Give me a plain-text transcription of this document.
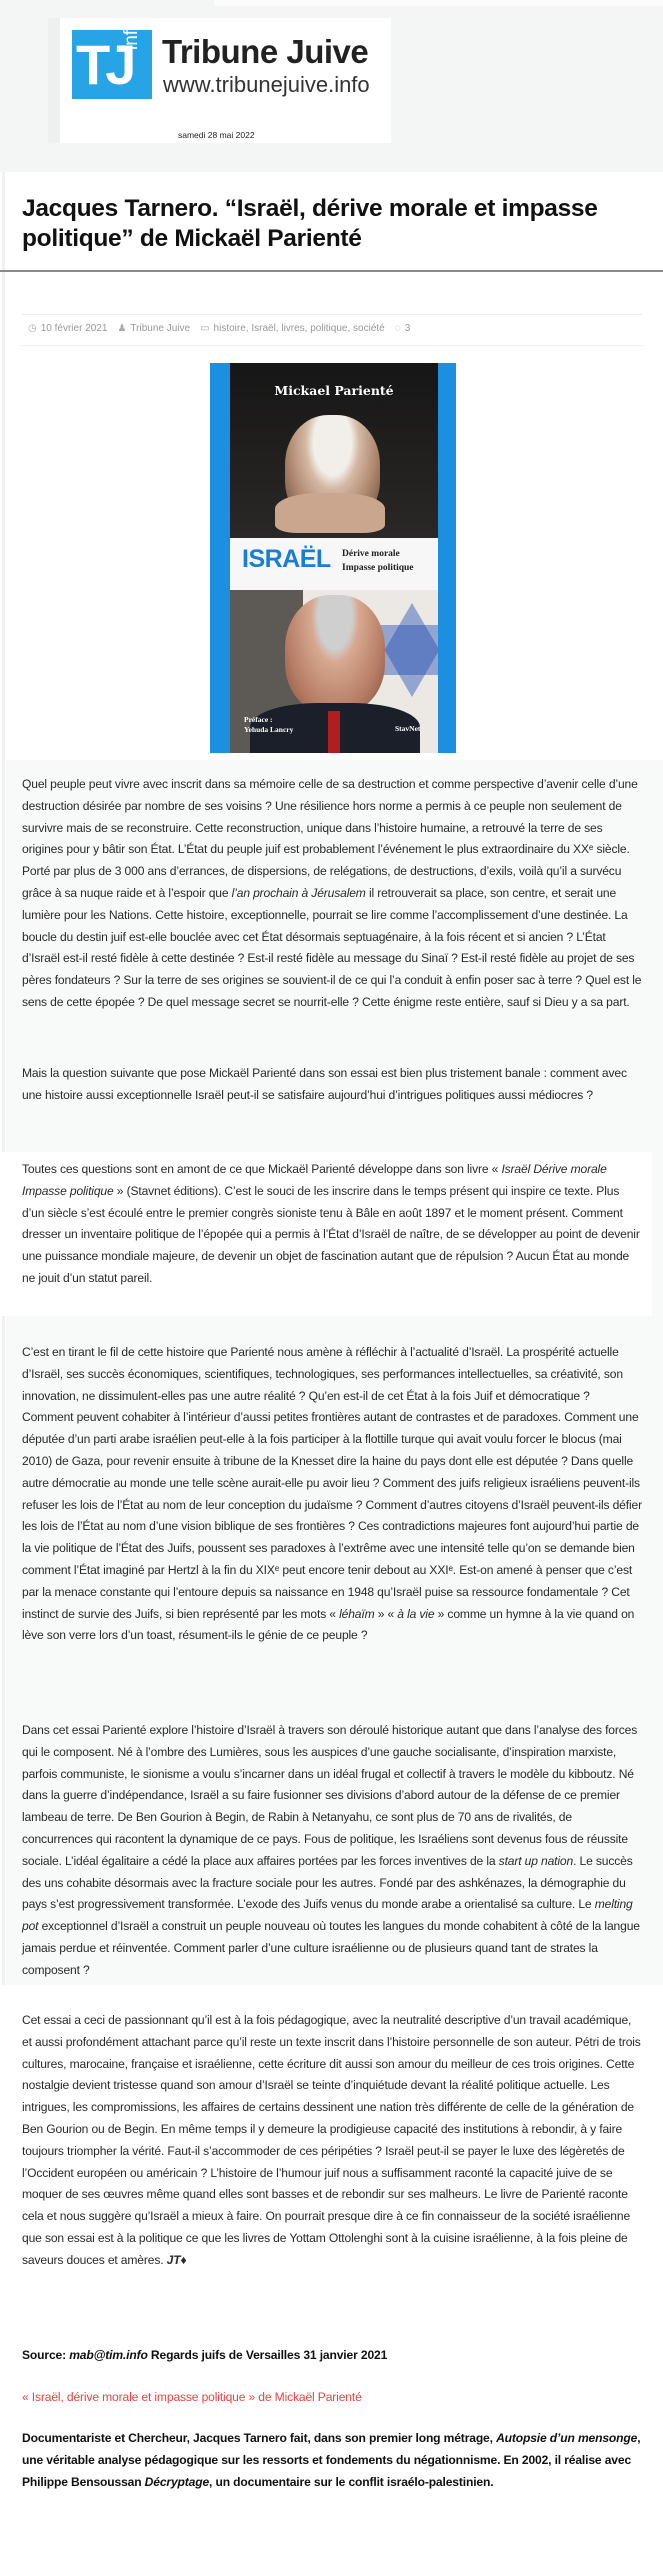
TJ
info Tribune Juive
www.tribunejuive.info
samedi 28 mai 2022
Jacques Tarnero. “Israël, dérive morale et impasse politique” de Mickaël Parienté
◷ 10 février 2021 ♟ Tribune Juive ▭ histoire, Israël, livres, politique, société ◌ 3
Mickael Parienté
ISRAËL Dérive morale
Impasse politique
Préface :
Yehuda Lancry	StavNet

Quel peuple peut vivre avec inscrit dans sa mémoire celle de sa destruction et comme perspective d’avenir celle d’une destruction désirée par nombre de ses voisins ? Une résilience hors norme a permis à ce peuple non seulement de survivre mais de se reconstruire. Cette reconstruction, unique dans l’histoire humaine, a retrouvé la terre de ses origines pour y bâtir son État. L’État du peuple juif est probablement l’événement le plus extraordinaire du XXᵉ siècle. Porté par plus de 3 000 ans d’errances, de dispersions, de relégations, de destructions, d’exils, voilà qu’il a survécu grâce à sa nuque raide et à l’espoir que l’an prochain à Jérusalem il retrouverait sa place, son centre, et serait une lumière pour les Nations. Cette histoire, exceptionnelle, pourrait se lire comme l’accomplissement d’une destinée. La boucle du destin juif est-elle bouclée avec cet État désormais septuagénaire, à la fois récent et si ancien ? L’État d’Israël est-il resté fidèle à cette destinée ? Est-il resté fidèle au message du Sinaï ? Est-il resté fidèle au projet de ses pères fondateurs ? Sur la terre de ses origines se souvient-il de ce qui l’a conduit à enfin poser sac à terre ? Quel est le sens de cette épopée ? De quel message secret se nourrit-elle ? Cette énigme reste entière, sauf si Dieu y a sa part.

Mais la question suivante que pose Mickaël Parienté dans son essai est bien plus tristement banale : comment avec une histoire aussi exceptionnelle Israël peut-il se satisfaire aujourd’hui d’intrigues politiques aussi médiocres ?

Toutes ces questions sont en amont de ce que Mickaël Parienté développe dans son livre « Israël Dérive morale Impasse politique » (Stavnet éditions). C’est le souci de les inscrire dans le temps présent qui inspire ce texte. Plus d’un siècle s’est écoulé entre le premier congrès sioniste tenu à Bâle en août 1897 et le moment présent. Comment dresser un inventaire politique de l’épopée qui a permis à l’État d’Israël de naître, de se développer au point de devenir une puissance mondiale majeure, de devenir un objet de fascination autant que de répulsion ? Aucun État au monde ne jouit d’un statut pareil.

C’est en tirant le fil de cette histoire que Parienté nous amène à réfléchir à l’actualité d’Israël. La prospérité actuelle d’Israël, ses succès économiques, scientifiques, technologiques, ses performances intellectuelles, sa créativité, son innovation, ne dissimulent-elles pas une autre réalité ? Qu’en est-il de cet État à la fois Juif et démocratique ? Comment peuvent cohabiter à l’intérieur d’aussi petites frontières autant de contrastes et de paradoxes. Comment une députée d’un parti arabe israélien peut-elle à la fois participer à la flottille turque qui avait voulu forcer le blocus (mai 2010) de Gaza, pour revenir ensuite à tribune de la Knesset dire la haine du pays dont elle est députée ? Dans quelle autre démocratie au monde une telle scène aurait-elle pu avoir lieu ? Comment des juifs religieux israéliens peuvent-ils refuser les lois de l’État au nom de leur conception du judaïsme ? Comment d’autres citoyens d’Israël peuvent-ils défier les lois de l’État au nom d’une vision biblique de ses frontières ? Ces contradictions majeures font aujourd’hui partie de la vie politique de l’État des Juifs, poussent ses paradoxes à l’extrême avec une intensité telle qu’on se demande bien comment l’État imaginé par Hertzl à la fin du XIXᵉ peut encore tenir debout au XXIᵉ. Est-on amené à penser que c’est par la menace constante qui l’entoure depuis sa naissance en 1948 qu’Israël puise sa ressource fondamentale ? Cet instinct de survie des Juifs, si bien représenté par les mots « léhaïm » « à la vie » comme un hymne à la vie quand on lève son verre lors d’un toast, résument-ils le génie de ce peuple ?

Dans cet essai Parienté explore l’histoire d’Israël à travers son déroulé historique autant que dans l’analyse des forces qui le composent. Né à l’ombre des Lumières, sous les auspices d’une gauche socialisante, d’inspiration marxiste, parfois communiste, le sionisme a voulu s’incarner dans un idéal frugal et collectif à travers le modèle du kibboutz. Né dans la guerre d’indépendance, Israël a su faire fusionner ses divisions d’abord autour de la défense de ce premier lambeau de terre. De Ben Gourion à Begin, de Rabin à Netanyahu, ce sont plus de 70 ans de rivalités, de concurrences qui racontent la dynamique de ce pays. Fous de politique, les Israéliens sont devenus fous de réussite sociale. L’idéal égalitaire a cédé la place aux affaires portées par les forces inventives de la start up nation. Le succès des uns cohabite désormais avec la fracture sociale pour les autres. Fondé par des ashkénazes, la démographie du pays s’est progressivement transformée. L’exode des Juifs venus du monde arabe a orientalisé sa culture. Le melting pot exceptionnel d’Israël a construit un peuple nouveau où toutes les langues du monde cohabitent à côté de la langue jamais perdue et réinventée. Comment parler d’une culture israélienne ou de plusieurs quand tant de strates la composent ?

Cet essai a ceci de passionnant qu’il est à la fois pédagogique, avec la neutralité descriptive d’un travail académique, et aussi profondément attachant parce qu’il reste un texte inscrit dans l’histoire personnelle de son auteur. Pétri de trois cultures, marocaine, française et israélienne, cette écriture dit aussi son amour du meilleur de ces trois origines. Cette nostalgie devient tristesse quand son amour d’Israël se teinte d’inquiétude devant la réalité politique actuelle. Les intrigues, les compromissions, les affaires de certains dessinent une nation très différente de celle de la génération de Ben Gourion ou de Begin. En même temps il y demeure la prodigieuse capacité des institutions à rebondir, à y faire toujours triompher la vérité. Faut-il s’accommoder de ces péripéties ? Israël peut-il se payer le luxe des légèretés de l’Occident européen ou américain ? L’histoire de l’humour juif nous a suffisamment raconté la capacité juive de se moquer de ses œuvres même quand elles sont basses et de rebondir sur ses malheurs. Le livre de Parienté raconte cela et nous suggère qu’Israël a mieux à faire. On pourrait presque dire à ce fin connaisseur de la société israélienne que son essai est à la politique ce que les livres de Yottam Ottolenghi sont à la cuisine israélienne, à la fois pleine de saveurs douces et amères. JT♦

Source: mab@tim.info Regards juifs de Versailles 31 janvier 2021

« Israël, dérive morale et impasse politique » de Mickaël Parienté

Documentariste et Chercheur, Jacques Tarnero fait, dans son premier long métrage, Autopsie d’un mensonge, une véritable analyse pédagogique sur les ressorts et fondements du négationnisme. En 2002, il réalise avec Philippe Bensoussan Décryptage, un documentaire sur le conflit israélo-palestinien.
